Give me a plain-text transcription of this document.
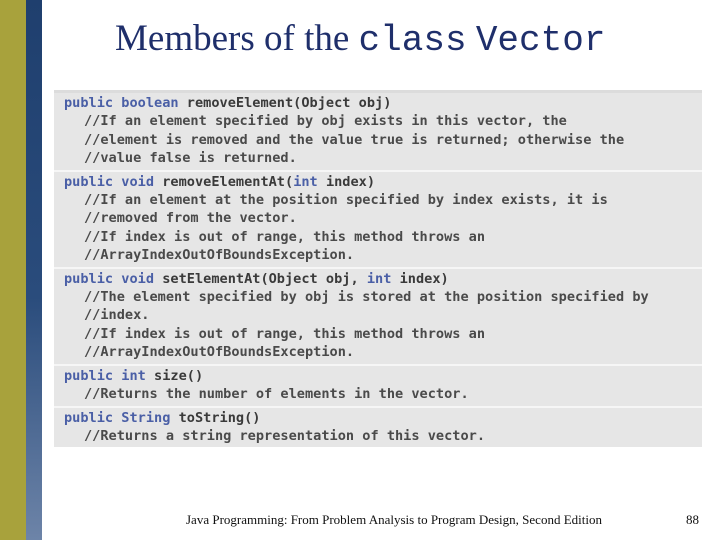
Members of the class Vector
public boolean removeElement(Object obj)
//If an element specified by obj exists in this vector, the
//element is removed and the value true is returned; otherwise the
//value false is returned.
public void removeElementAt(int index)
//If an element at the position specified by index exists, it is
//removed from the vector.
//If index is out of range, this method throws an
//ArrayIndexOutOfBoundsException.
public void setElementAt(Object obj, int index)
//The element specified by obj is stored at the position specified by
//index.
//If index is out of range, this method throws an
//ArrayIndexOutOfBoundsException.
public int size()
//Returns the number of elements in the vector.
public String toString()
//Returns a string representation of this vector.
Java Programming: From Problem Analysis to Program Design, Second Edition	88
